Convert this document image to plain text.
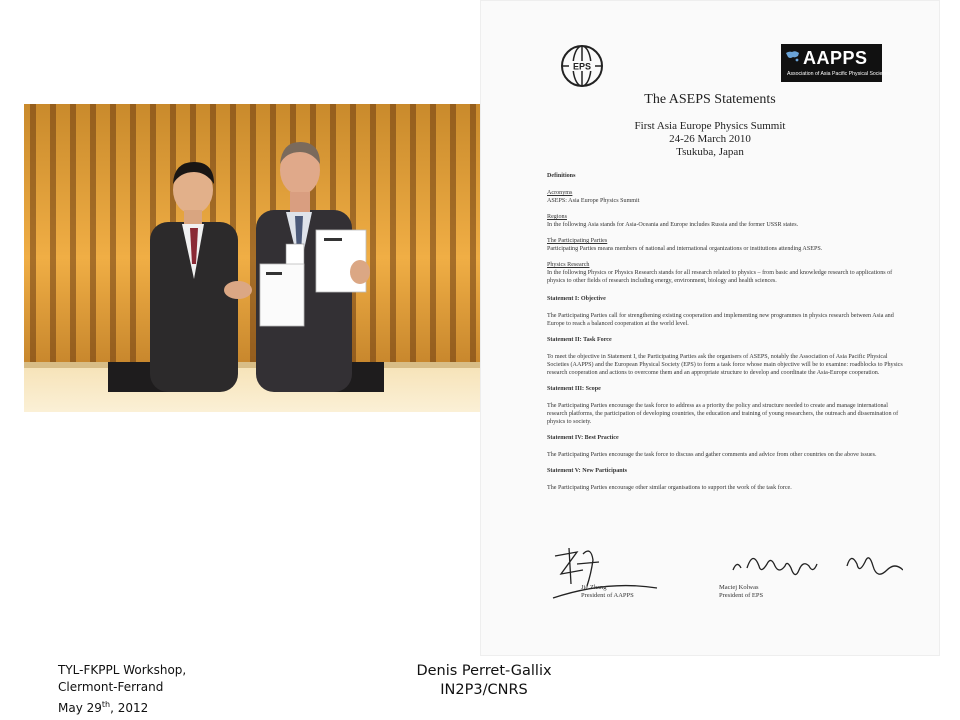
EPS	AAPPS
Association of Asia Pacific Physical Societies
The ASEPS Statements
First Asia Europe Physics Summit
24-26 March 2010
Tsukuba, Japan
Definitions
Acronyms
ASEPS: Asia Europe Physics Summit
Regions
In the following Asia stands for Asia-Oceania and Europe includes Russia and the former USSR states.
The Participating Parties
Participating Parties means members of national and international organizations or institutions attending ASEPS.
Physics Research
In the following Physics or Physics Research stands for all research related to physics – from basic and knowledge research to applications of physics to other fields of research including energy, environment, biology and health sciences.
Statement I: Objective

The Participating Parties call for strengthening existing cooperation and implementing new programmes in physics research between Asia and Europe to reach a balanced cooperation at the world level.

Statement II: Task Force

To meet the objective in Statement I, the Participating Parties ask the organisers of ASEPS, notably the Association of Asia Pacific Physical Societies (AAPPS) and the European Physical Society (EPS) to form a task force whose main objective will be to examine: roadblocks to Physics research cooperation and actions to overcome them and an appropriate structure to develop and coordinate the Asia-Europe cooperation.

Statement III: Scope

The Participating Parties encourage the task force to address as a priority the policy and structure needed to create and manage international research platforms, the participation of developing countries, the education and training of young researchers, the outreach and dissemination of physics to society.

Statement IV: Best Practice

The Participating Parties encourage the task force to discuss and gather comments and advice from other countries on the above issues.

Statement V: New Participants

The Participating Parties encourage other similar organisations to support the work of the task force.

Jie Zhang
President of AAPPS
Maciej Kolwas
President of EPS
TYL-FKPPL Workshop,
Clermont-Ferrand
May 29th, 2012
Denis Perret-Gallix
IN2P3/CNRS
